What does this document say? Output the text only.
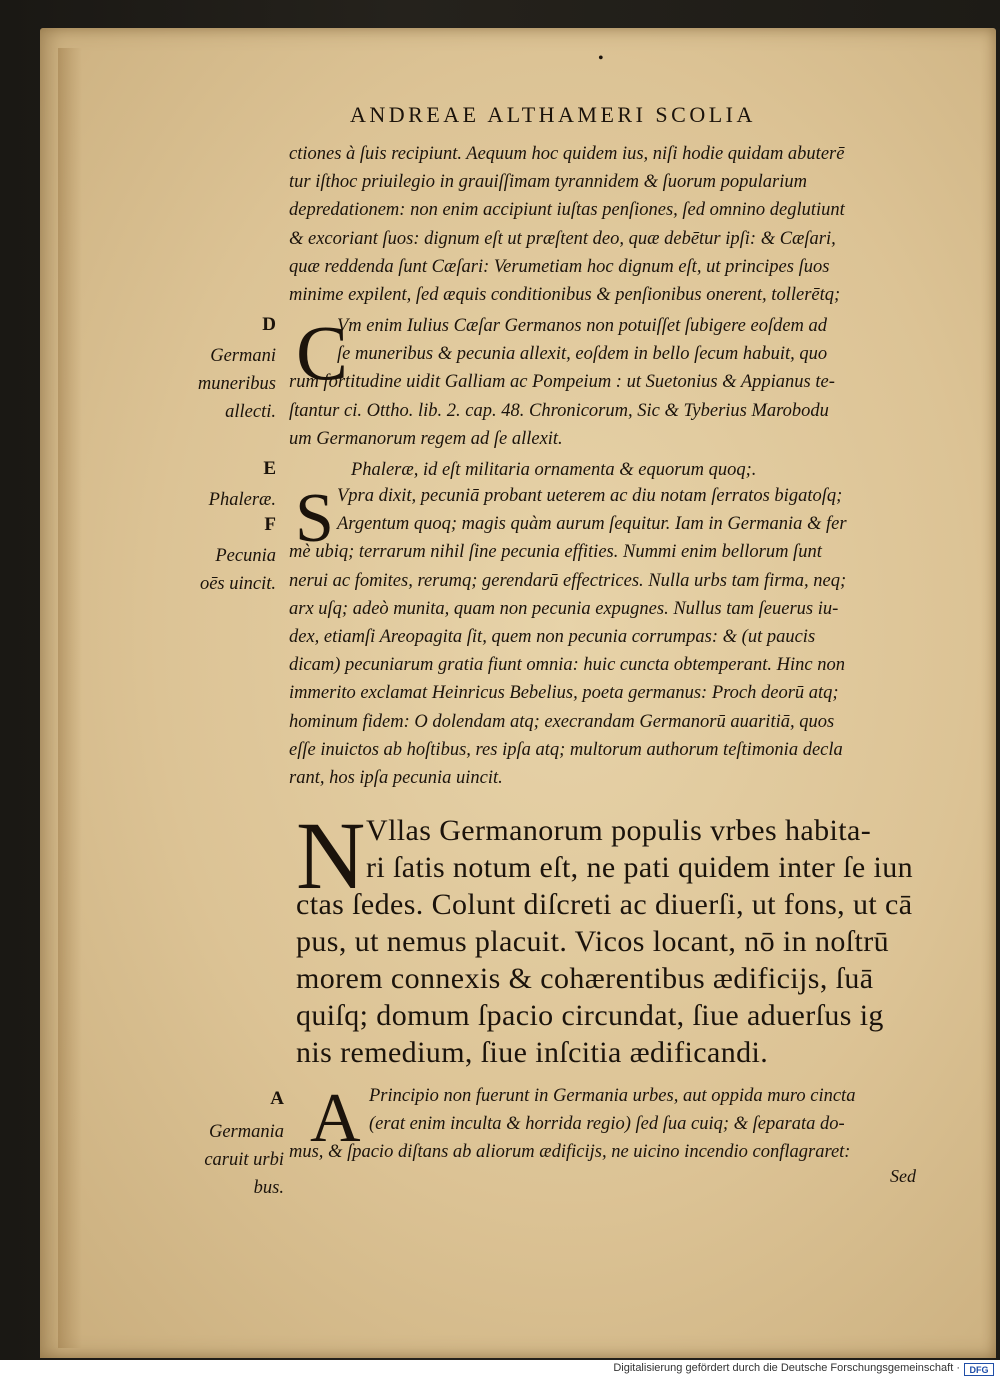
•
ANDREAE ALTHAMERI SCOLIA
ctiones à ſuis recipiunt. Aequum hoc quidem ius, niſi hodie quidam abuterē
tur iſthoc priuilegio in grauiſſimam tyrannidem & ſuorum popularium
depredationem: non enim accipiunt iuſtas penſiones, ſed omnino deglutiunt
& excoriant ſuos: dignum eſt ut præſtent deo, quæ debētur ipſi: & Cæſari,
quæ reddenda ſunt Cæſari: Verumetiam hoc dignum eſt, ut principes ſuos
minime expilent, ſed æquis conditionibus & penſionibus onerent, tollerētq;
C
Vm enim Iulius Cæſar Germanos non potuiſſet ſubigere eoſdem ad
ſe muneribus & pecunia allexit, eoſdem in bello ſecum habuit, quo
rum fortitudine uidit Galliam ac Pompeium : ut Suetonius & Appianus te-
ſtantur ci. Ottho. lib. 2. cap. 48. Chronicorum, Sic & Tyberius Marobodu
um Germanorum regem ad ſe allexit.
Phaleræ, id eſt militaria ornamenta & equorum quoq;.
S Vpra dixit, pecuniā probant ueterem ac diu notam ſerratos bigatoſq;
Argentum quoq; magis quàm aurum ſequitur. Iam in Germania & fer
mè ubiq; terrarum nihil ſine pecunia effities. Nummi enim bellorum ſunt
nerui ac fomites, rerumq; gerendarū effectrices. Nulla urbs tam firma, neq;
arx uſq; adeò munita, quam non pecunia expugnes. Nullus tam ſeuerus iu-
dex, etiamſi Areopagita ſit, quem non pecunia corrumpas: & (ut paucis
dicam) pecuniarum gratia fiunt omnia: huic cuncta obtemperant. Hinc non
immerito exclamat Heinricus Bebelius, poeta germanus: Proch deorū atq;
hominum fidem: O dolendam atq; execrandam Germanorū auaritiā, quos
eſſe inuictos ab hoſtibus, res ipſa atq; multorum authorum teſtimonia decla
rant, hos ipſa pecunia uincit.
N Vllas Germanorum populis vrbes habita-
ri ſatis notum eſt, ne pati quidem inter ſe iun
ctas ſedes. Colunt diſcreti ac diuerſi, ut fons, ut cā
pus, ut nemus placuit. Vicos locant, nō in noſtrū
morem connexis & cohærentibus ædificijs, ſuā
quiſq; domum ſpacio circundat, ſiue aduerſus ig
nis remedium, ſiue inſcitia ædificandi.
A Principio non fuerunt in Germania urbes, aut oppida muro cincta
(erat enim inculta & horrida regio) ſed ſua cuiq; & ſeparata do-
mus, & ſpacio diſtans ab aliorum ædificijs, ne uicino incendio conflagraret:
Sed
D
Germani
muneribus
allecti.
E
Phaleræ.
F
Pecunia
oēs uincit.
A
Germania
caruit urbi
bus.
Digitalisierung gefördert durch die Deutsche Forschungsgemeinschaft ·	DFG
